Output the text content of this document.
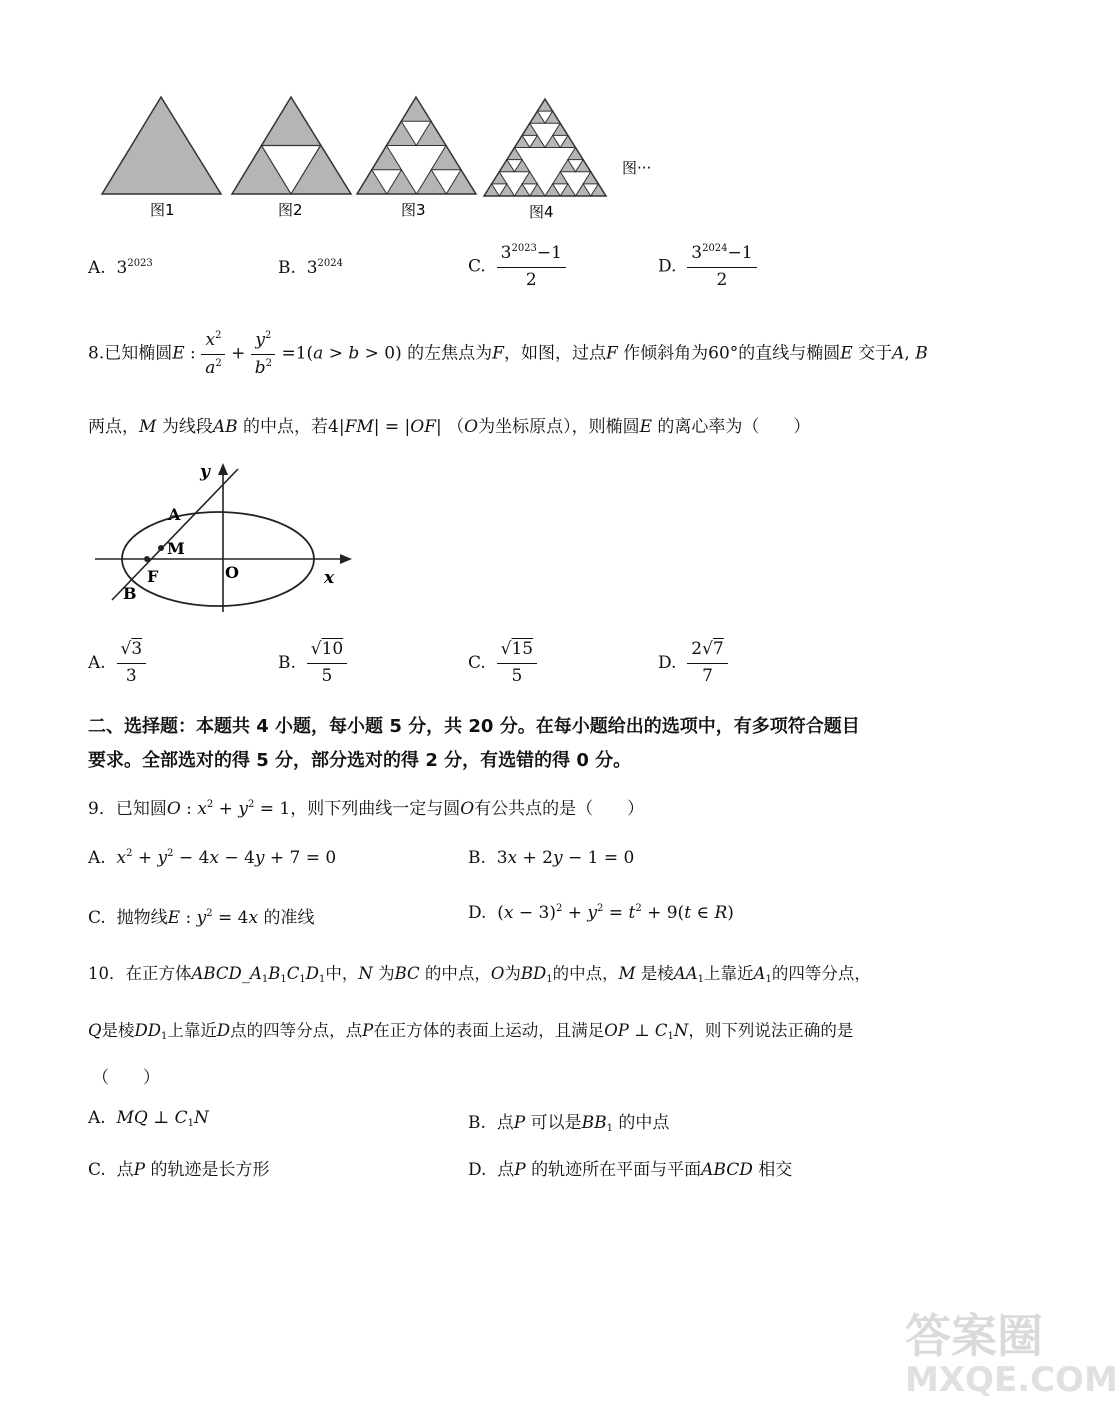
图1	图2	图3	图4
图···
A. $3^{2023}$	B. $3^{2024}$	C. $\frac{3^{2023}-1}{2}$	D. $\frac{3^{2024}-1}{2}$
8.已知椭圆E : $\frac{x^2}{a^2} + \frac{y^2}{b^2} =1(a > b > 0)$ 的左焦点为F，如图，过点F 作倾斜角为60°的直线与椭圆E 交于A, B
两点，M 为线段AB 的中点，若4|FM| = |OF| （O为坐标原点），则椭圆E 的离心率为（　　）
y
x
A
M
F	O
B
A. $\frac{√3}{3}$	B. $\frac{√10}{5}$	C. $\frac{√15}{5}$	D. $\frac{2√7}{7}$
二、选择题：本题共 4 小题，每小题 5 分，共 20 分。在每小题给出的选项中，有多项符合题目
要求。全部选对的得 5 分，部分选对的得 2 分，有选错的得 0 分。
9．已知圆O : $x^2 + y^2 = 1$，则下列曲线一定与圆O有公共点的是（　　）
A. $x^2 + y^2 - 4x - 4y + 7 = 0$	B.  3x + 2y − 1 = 0
C. 抛物线E : $y^2 = 4x$ 的准线	D.  $(x - 3)^2 + y^2 = t^2 + 9(t$ ∈ R)
10．在正方体$ABCD\_A_1B_1C_1D_1$中，N 为BC 的中点，O为$BD_1$的中点，M 是棱$AA_1$上靠近$A_1$的四等分点，
Q是棱$DD_1$上靠近D点的四等分点，点P在正方体的表面上运动，且满足OP ⊥ $C_1N$，则下列说法正确的是
（　　）
A. MQ ⊥ $C_1N$	B. 点P 可以是$BB_1$ 的中点
C. 点P 的轨迹是长方形	D. 点P 的轨迹所在平面与平面ABCD 相交
答案圈
MXQE.COM
